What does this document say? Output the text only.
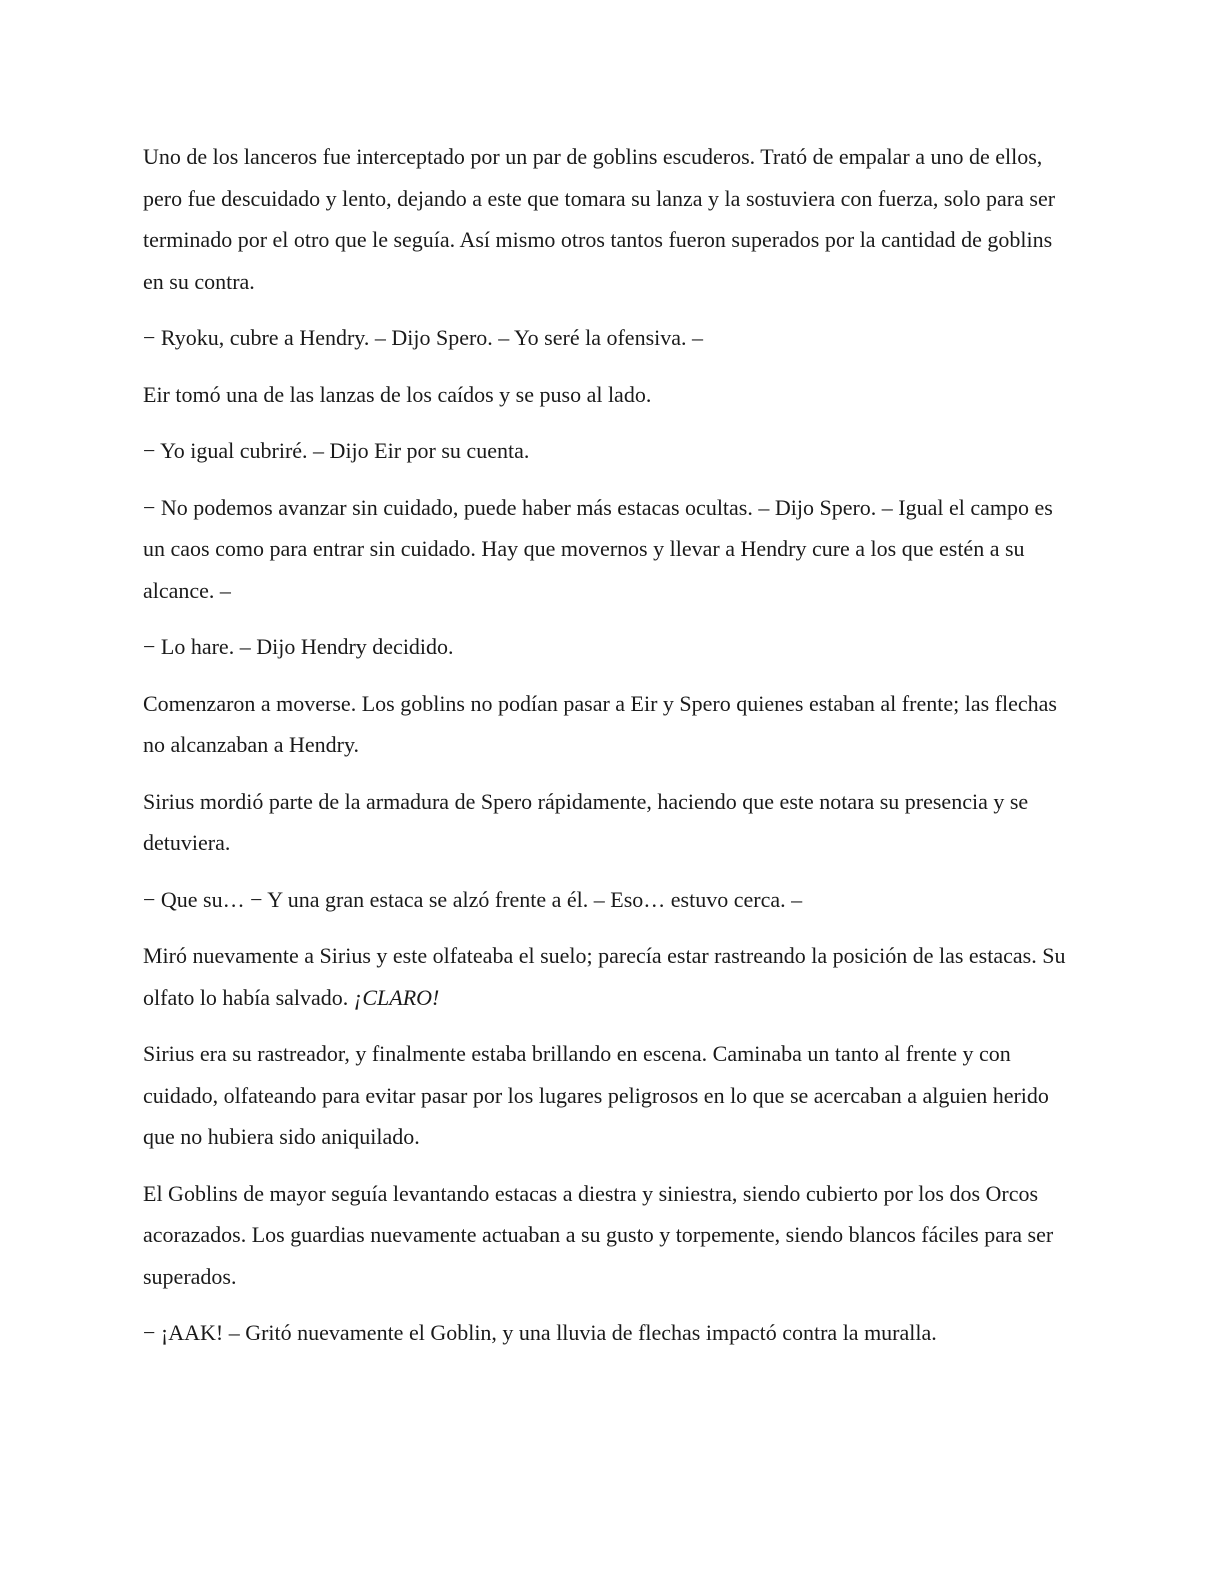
Uno de los lanceros fue interceptado por un par de goblins escuderos. Trató de empalar a uno de ellos, pero fue descuidado y lento, dejando a este que tomara su lanza y la sostuviera con fuerza, solo para ser terminado por el otro que le seguía. Así mismo otros tantos fueron superados por la cantidad de goblins en su contra.

− Ryoku, cubre a Hendry. – Dijo Spero. – Yo seré la ofensiva. –

Eir tomó una de las lanzas de los caídos y se puso al lado.

− Yo igual cubriré. – Dijo Eir por su cuenta.

− No podemos avanzar sin cuidado, puede haber más estacas ocultas. – Dijo Spero. – Igual el campo es un caos como para entrar sin cuidado. Hay que movernos y llevar a Hendry cure a los que estén a su alcance. –

− Lo hare. – Dijo Hendry decidido.

Comenzaron a moverse. Los goblins no podían pasar a Eir y Spero quienes estaban al frente; las flechas no alcanzaban a Hendry.

Sirius mordió parte de la armadura de Spero rápidamente, haciendo que este notara su presencia y se detuviera.

− Que su… − Y una gran estaca se alzó frente a él. – Eso… estuvo cerca. –

Miró nuevamente a Sirius y este olfateaba el suelo; parecía estar rastreando la posición de las estacas. Su olfato lo había salvado. ¡CLARO!

Sirius era su rastreador, y finalmente estaba brillando en escena. Caminaba un tanto al frente y con cuidado, olfateando para evitar pasar por los lugares peligrosos en lo que se acercaban a alguien herido que no hubiera sido aniquilado.

El Goblins de mayor seguía levantando estacas a diestra y siniestra, siendo cubierto por los dos Orcos acorazados. Los guardias nuevamente actuaban a su gusto y torpemente, siendo blancos fáciles para ser superados.

− ¡AAK! – Gritó nuevamente el Goblin, y una lluvia de flechas impactó contra la muralla.
